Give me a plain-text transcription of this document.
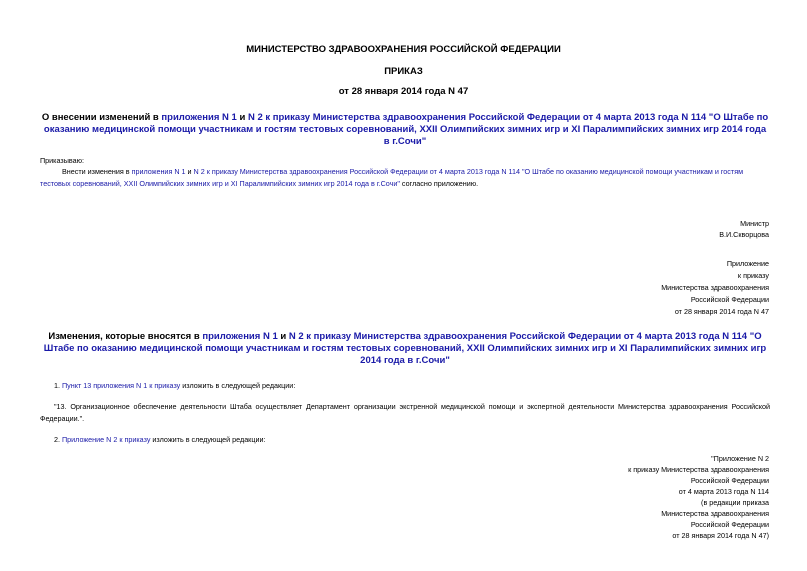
МИНИСТЕРСТВО ЗДРАВООХРАНЕНИЯ РОССИЙСКОЙ ФЕДЕРАЦИИ

ПРИКАЗ

от 28 января 2014 года N 47

О внесении изменений в приложения N 1 и N 2 к приказу Министерства здравоохранения Российской Федерации от 4 марта 2013 года N 114 "О Штабе по оказанию медицинской помощи участникам и гостям тестовых соревнований, XXII Олимпийских зимних игр и XI Паралимпийских зимних игр 2014 года в г.Сочи"

Приказываю:

Внести изменения в приложения N 1 и N 2 к приказу Министерства здравоохранения Российской Федерации от 4 марта 2013 года N 114 "О Штабе по оказанию медицинской помощи участникам и гостям тестовых соревнований, XXII Олимпийских зимних игр и XI Паралимпийских зимних игр 2014 года в г.Сочи" согласно приложению.

Министр

В.И.Скворцова

Приложение
к приказу
Министерства здравоохранения
Российской Федерации
от 28 января 2014 года N 47

Изменения, которые вносятся в приложения N 1 и N 2 к приказу Министерства здравоохранения Российской Федерации от 4 марта 2013 года N 114 "О Штабе по оказанию медицинской помощи участникам и гостям тестовых соревнований, XXII Олимпийских зимних игр и XI Паралимпийских зимних игр 2014 года в г.Сочи"

1. Пункт 13 приложения N 1 к приказу изложить в следующей редакции:

"13. Организационное обеспечение деятельности Штаба осуществляет Департамент организации экстренной медицинской помощи и экспертной деятельности Министерства здравоохранения Российской Федерации.".

2. Приложение N 2 к приказу изложить в следующей редакции:

"Приложение N 2
к приказу Министерства здравоохранения
Российской Федерации
от 4 марта 2013 года N 114
(в редакции приказа
Министерства здравоохранения
Российской Федерации
от 28 января 2014 года N 47)
